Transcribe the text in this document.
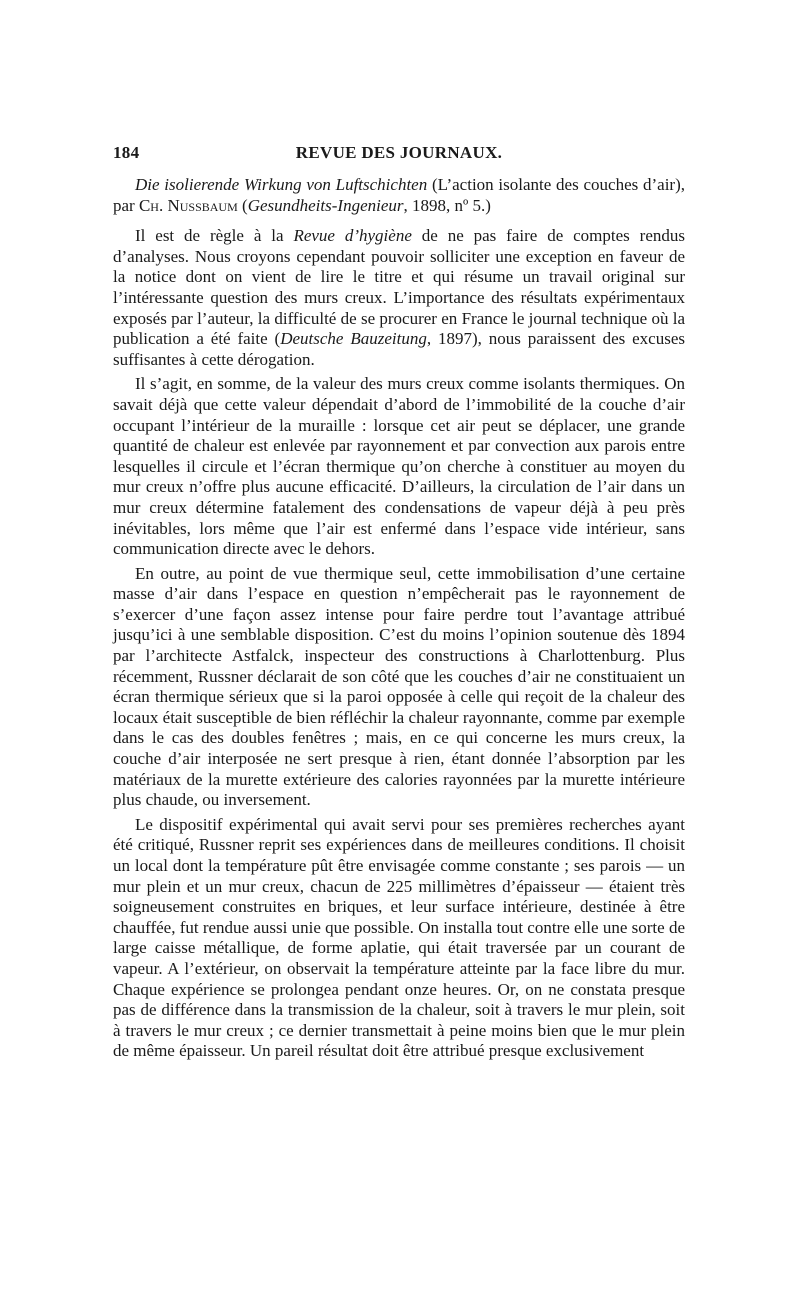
184	REVUE DES JOURNAUX.

Die isolierende Wirkung von Luftschichten (L’action isolante des couches d’air), par Ch. Nussbaum (Gesundheits-Ingenieur, 1898, nº 5.)

Il est de règle à la Revue d’hygiène de ne pas faire de comptes rendus d’analyses. Nous croyons cependant pouvoir solliciter une exception en faveur de la notice dont on vient de lire le titre et qui résume un travail original sur l’intéressante question des murs creux. L’importance des résultats expérimentaux exposés par l’auteur, la difficulté de se procurer en France le journal technique où la publication a été faite (Deutsche Bauzeitung, 1897), nous paraissent des excuses suffisantes à cette dérogation.

Il s’agit, en somme, de la valeur des murs creux comme isolants thermiques. On savait déjà que cette valeur dépendait d’abord de l’immobilité de la couche d’air occupant l’intérieur de la muraille : lorsque cet air peut se déplacer, une grande quantité de chaleur est enlevée par rayonnement et par convection aux parois entre lesquelles il circule et l’écran thermique qu’on cherche à constituer au moyen du mur creux n’offre plus aucune efficacité. D’ailleurs, la circulation de l’air dans un mur creux détermine fatalement des condensations de vapeur déjà à peu près inévitables, lors même que l’air est enfermé dans l’espace vide intérieur, sans communication directe avec le dehors.

En outre, au point de vue thermique seul, cette immobilisation d’une certaine masse d’air dans l’espace en question n’empêcherait pas le rayonnement de s’exercer d’une façon assez intense pour faire perdre tout l’avantage attribué jusqu’ici à une semblable disposition. C’est du moins l’opinion soutenue dès 1894 par l’architecte Astfalck, inspecteur des constructions à Charlottenburg. Plus récemment, Russner déclarait de son côté que les couches d’air ne constituaient un écran thermique sérieux que si la paroi opposée à celle qui reçoit de la chaleur des locaux était susceptible de bien réfléchir la chaleur rayonnante, comme par exemple dans le cas des doubles fenêtres ; mais, en ce qui concerne les murs creux, la couche d’air interposée ne sert presque à rien, étant donnée l’absorption par les matériaux de la murette extérieure des calories rayonnées par la murette intérieure plus chaude, ou inversement.

Le dispositif expérimental qui avait servi pour ses premières recherches ayant été critiqué, Russner reprit ses expériences dans de meilleures conditions. Il choisit un local dont la température pût être envisagée comme constante ; ses parois — un mur plein et un mur creux, chacun de 225 millimètres d’épaisseur — étaient très soigneusement construites en briques, et leur surface intérieure, destinée à être chauffée, fut rendue aussi unie que possible. On installa tout contre elle une sorte de large caisse métallique, de forme aplatie, qui était traversée par un courant de vapeur. A l’extérieur, on observait la température atteinte par la face libre du mur. Chaque expérience se prolongea pendant onze heures. Or, on ne constata presque pas de différence dans la transmission de la chaleur, soit à travers le mur plein, soit à travers le mur creux ; ce dernier transmettait à peine moins bien que le mur plein de même épaisseur. Un pareil résultat doit être attribué presque exclusivement
